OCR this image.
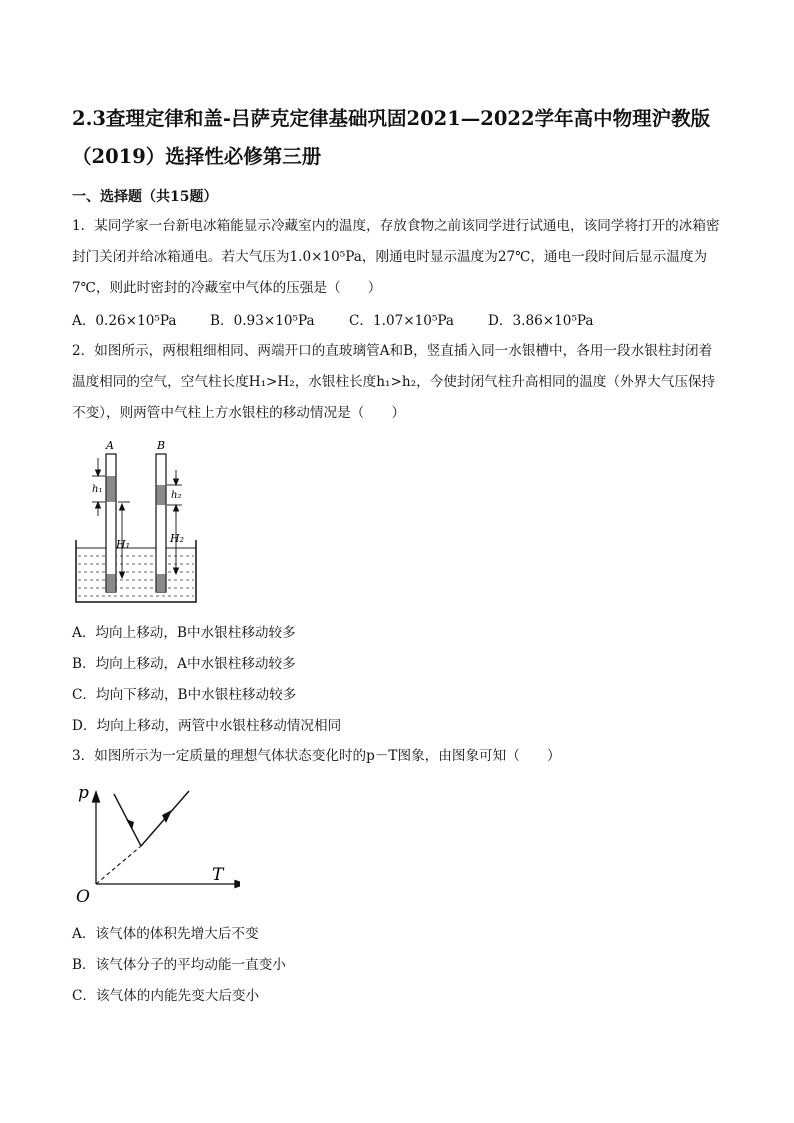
2.3查理定律和盖-吕萨克定律基础巩固2021—2022学年高中物理沪教版（2019）选择性必修第三册
一、选择题（共15题）

1．某同学家一台新电冰箱能显示冷藏室内的温度，存放食物之前该同学进行试通电，该同学将打开的冰箱密封门关闭并给冰箱通电。若大气压为1.0×10⁵Pa，刚通电时显示温度为27℃，通电一段时间后显示温度为7℃，则此时密封的冷藏室中气体的压强是（　　）

A．0.26×10⁵Pa B．0.93×10⁵Pa	C．1.07×10⁵Pa D．3.86×10⁵Pa

2．如图所示，两根粗细相同、两端开口的直玻璃管A和B，竖直插入同一水银槽中，各用一段水银柱封闭着温度相同的空气，空气柱长度H₁>H₂，水银柱长度h₁>h₂，今使封闭气柱升高相同的温度（外界大气压保持不变），则两管中气柱上方水银柱的移动情况是（　　）

A	B
h₁
H₁
h₂
H₂
A．均向上移动，B中水银柱移动较多
B．均向上移动，A中水银柱移动较多
C．均向下移动，B中水银柱移动较多
D．均向上移动，两管中水银柱移动情况相同

3．如图所示为一定质量的理想气体状态变化时的p－T图象，由图象可知（　　）

p
T
O
A．该气体的体积先增大后不变
B．该气体分子的平均动能一直变小
C．该气体的内能先变大后变小
